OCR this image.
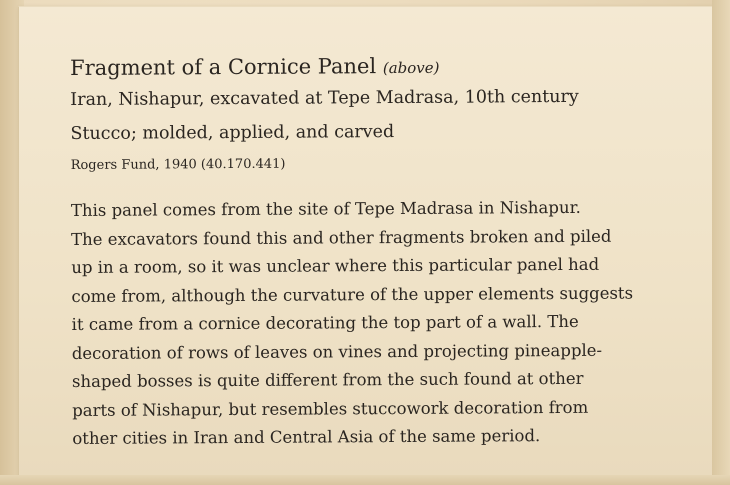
Fragment of a Cornice Panel (above)
Iran, Nishapur, excavated at Tepe Madrasa, 10th century
Stucco; molded, applied, and carved
Rogers Fund, 1940 (40.170.441)

This panel comes from the site of Tepe Madrasa in Nishapur.
The excavators found this and other fragments broken and piled
up in a room, so it was unclear where this particular panel had
come from, although the curvature of the upper elements suggests
it came from a cornice decorating the top part of a wall. The
decoration of rows of leaves on vines and projecting pineapple-
shaped bosses is quite different from the such found at other
parts of Nishapur, but resembles stuccowork decoration from
other cities in Iran and Central Asia of the same period.
